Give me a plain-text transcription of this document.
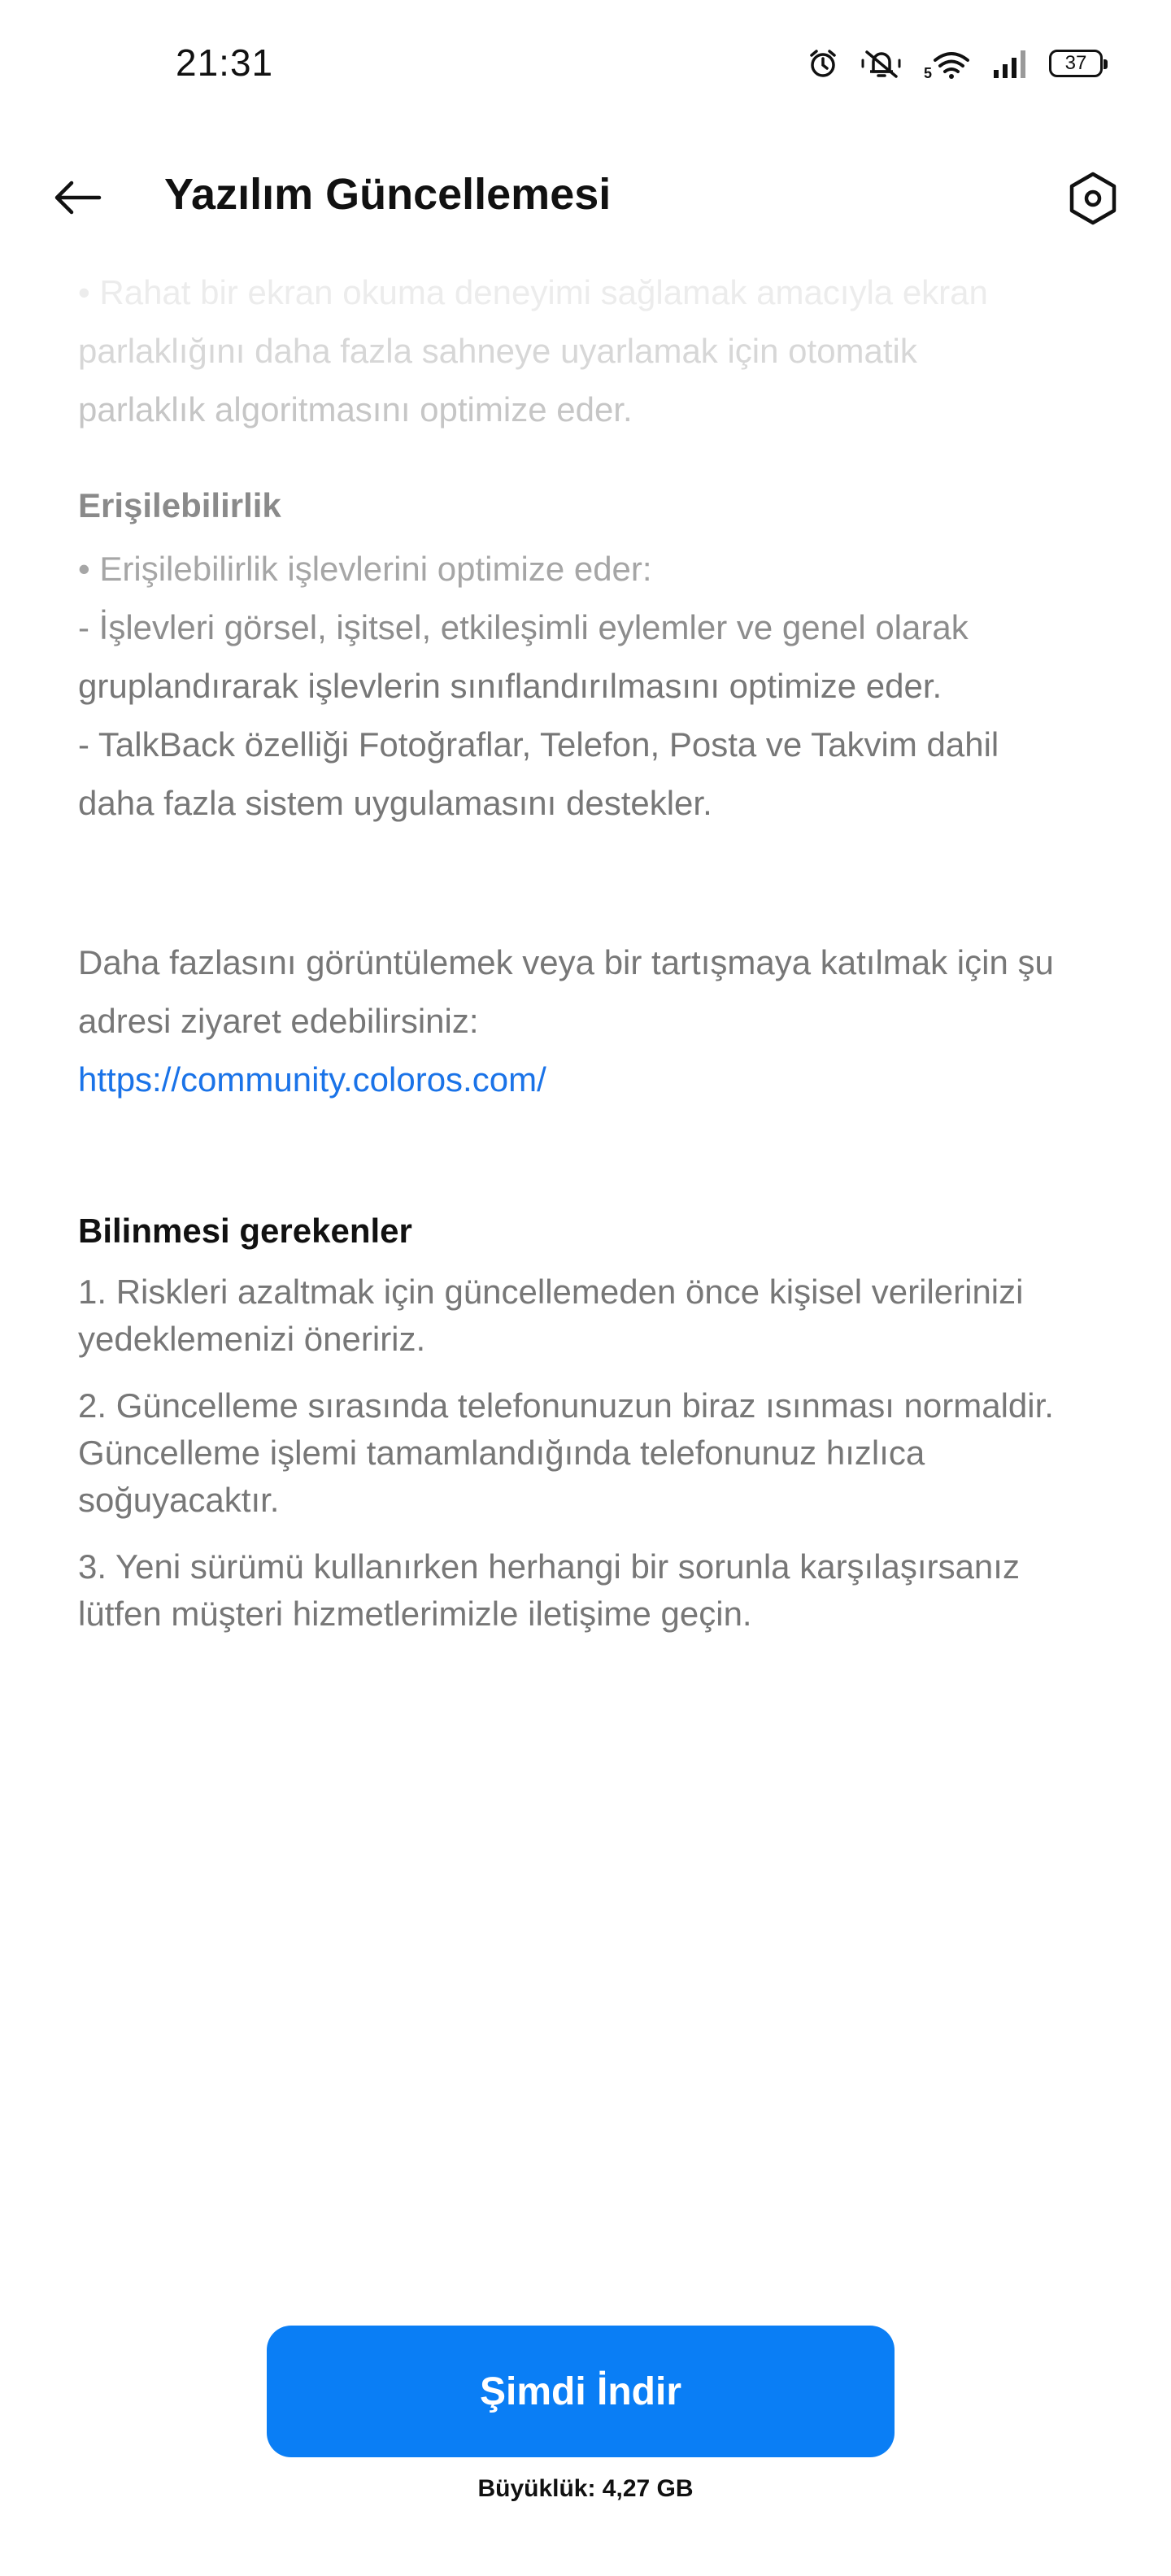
21:31	5	37
Yazılım Güncellemesi

• Rahat bir ekran okuma deneyimi sağlamak amacıyla ekran
parlaklığını daha fazla sahneye uyarlamak için otomatik
parlaklık algoritmasını optimize eder.

Erişilebilirlik

• Erişilebilirlik işlevlerini optimize eder:
- İşlevleri görsel, işitsel, etkileşimli eylemler ve genel olarak
gruplandırarak işlevlerin sınıflandırılmasını optimize eder.
- TalkBack özelliği Fotoğraflar, Telefon, Posta ve Takvim dahil
daha fazla sistem uygulamasını destekler.

Daha fazlasını görüntülemek veya bir tartışmaya katılmak için şu
adresi ziyaret edebilirsiniz:
https://community.coloros.com/

Bilinmesi gerekenler

1. Riskleri azaltmak için güncellemeden önce kişisel verilerinizi yedeklemenizi öneririz.

2. Güncelleme sırasında telefonunuzun biraz ısınması normaldir. Güncelleme işlemi tamamlandığında telefonunuz hızlıca soğuyacaktır.

3. Yeni sürümü kullanırken herhangi bir sorunla karşılaşırsanız lütfen müşteri hizmetlerimizle iletişime geçin.

Şimdi İndir
Büyüklük: 4,27 GB
